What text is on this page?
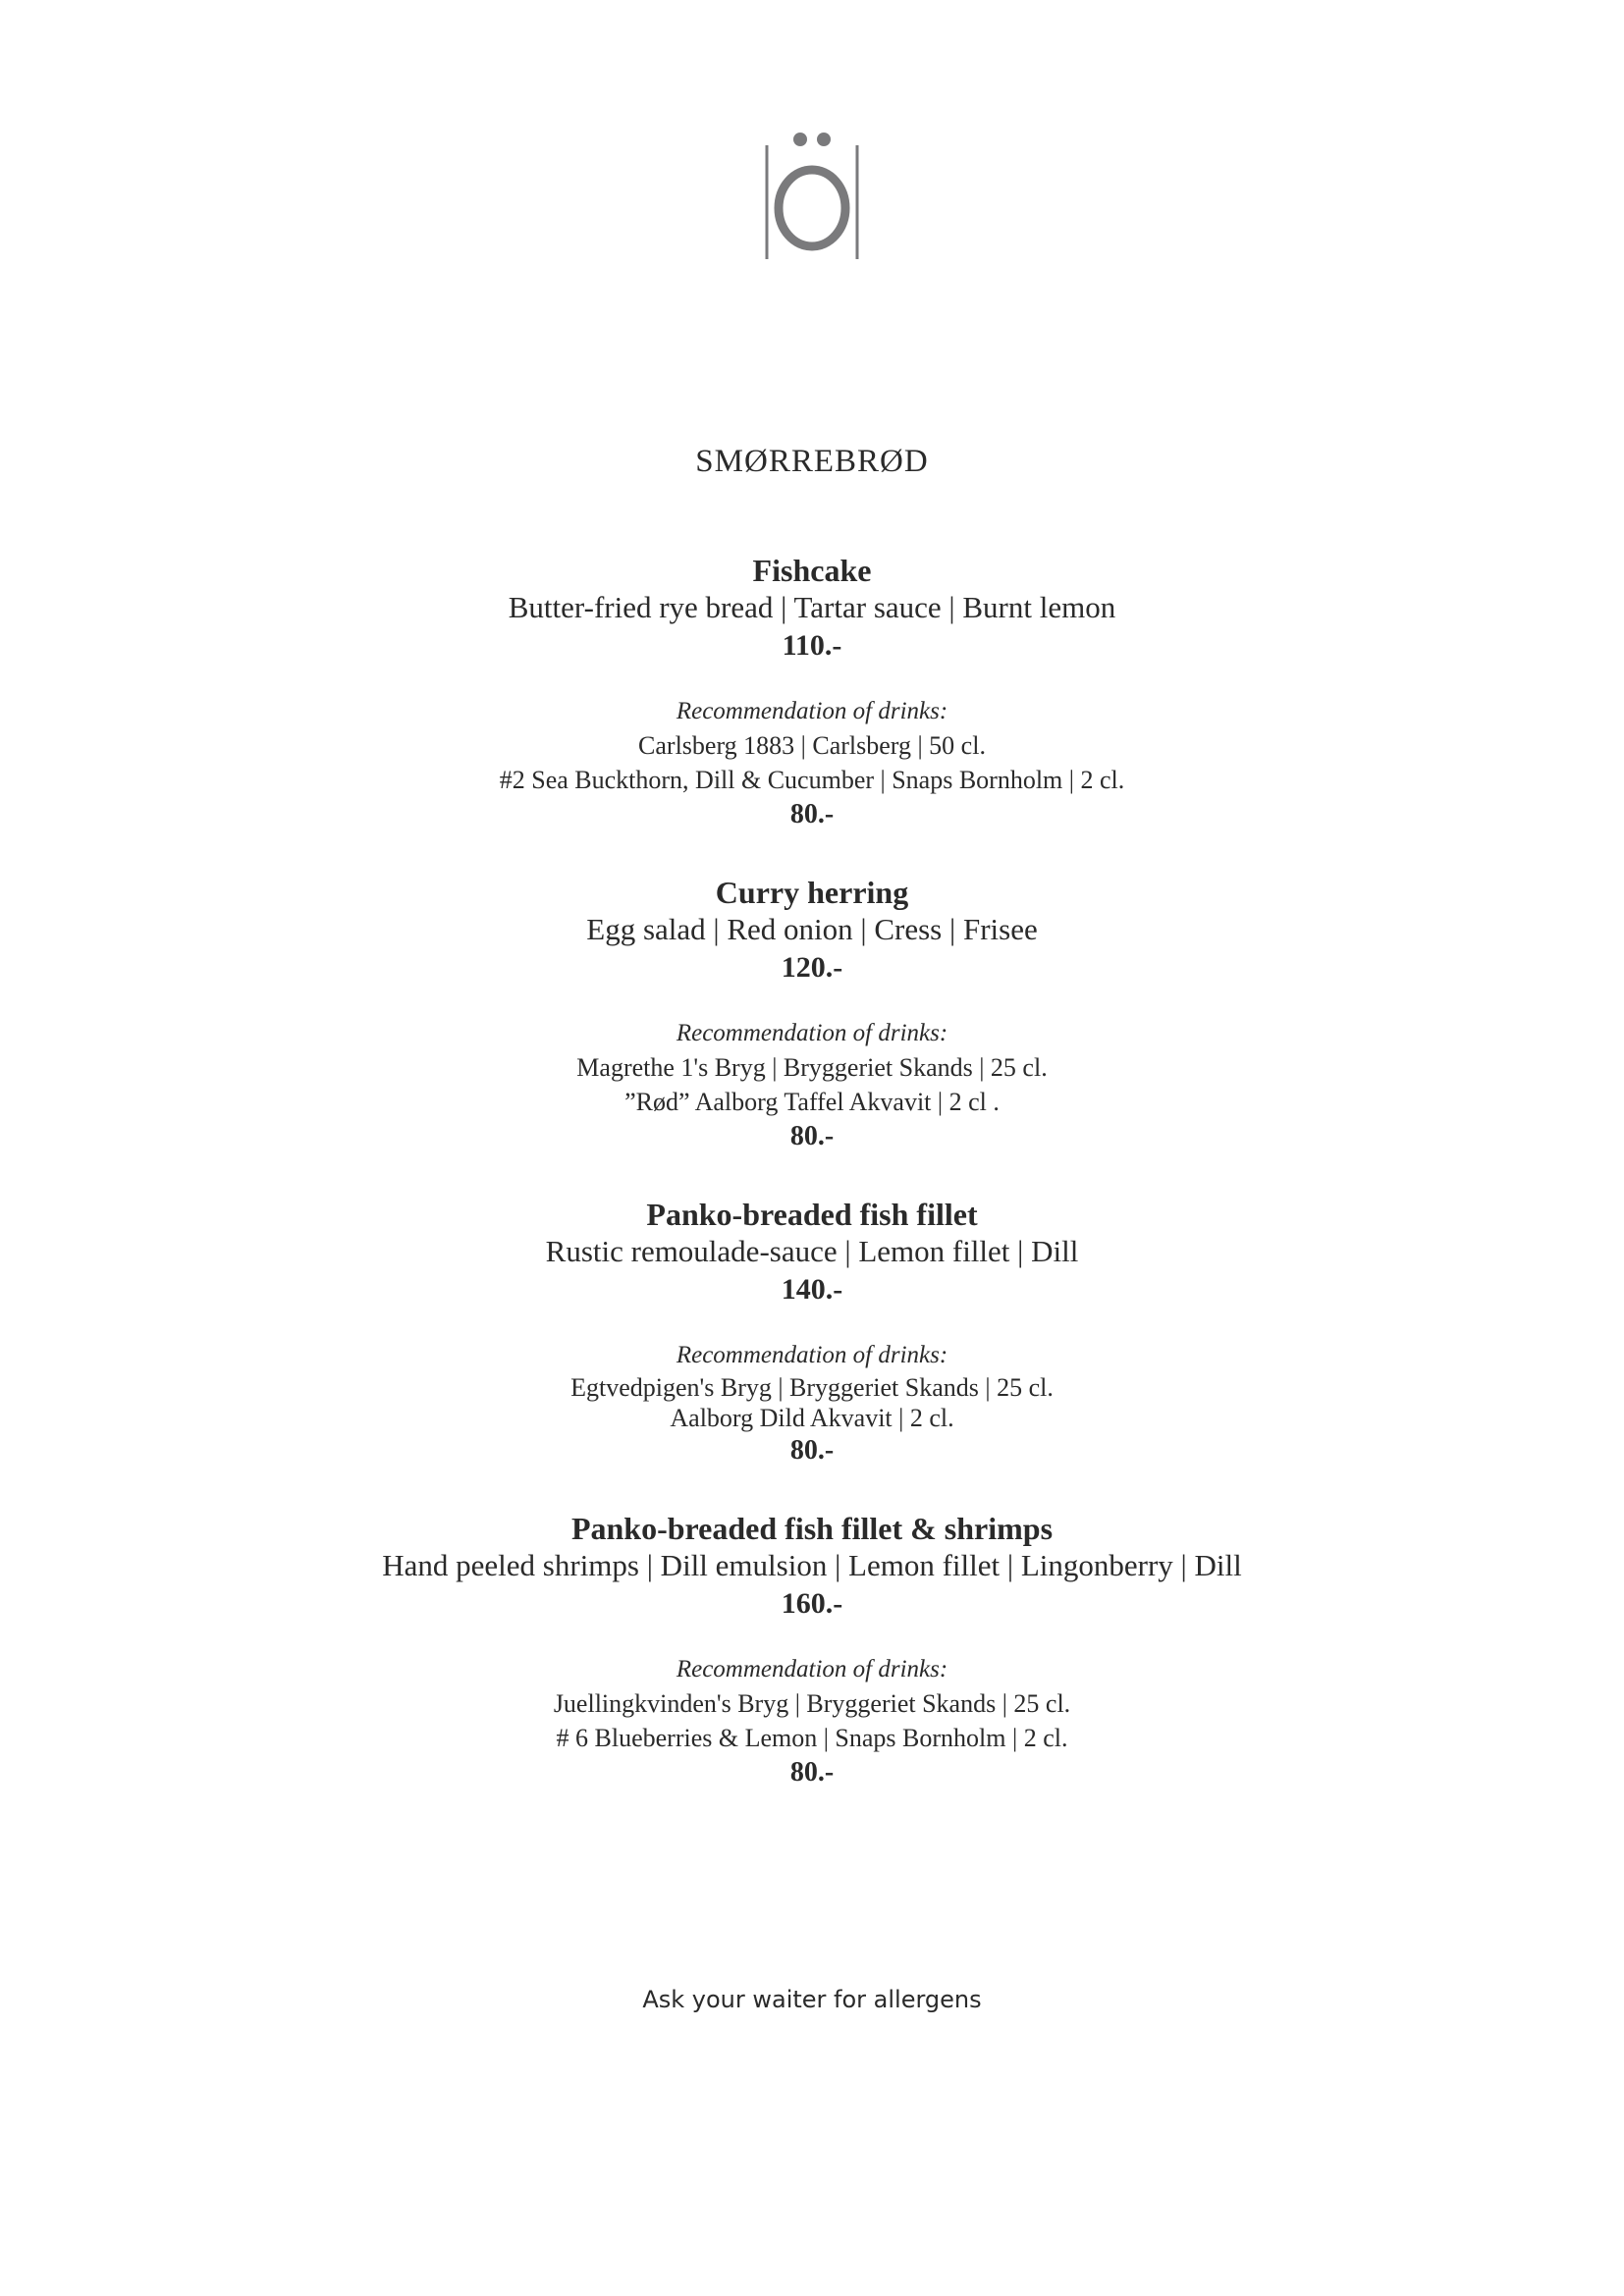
SMØRREBRØD
Fishcake
Butter-fried rye bread | Tartar sauce | Burnt lemon
110.-
Recommendation of drinks:
Carlsberg 1883 | Carlsberg | 50 cl.
#2 Sea Buckthorn, Dill & Cucumber | Snaps Bornholm | 2 cl.
80.-
Curry herring
Egg salad | Red onion | Cress | Frisee
120.-
Recommendation of drinks:
Magrethe 1's Bryg | Bryggeriet Skands | 25 cl.
”Rød” Aalborg Taffel Akvavit | 2 cl .
80.-
Panko-breaded fish fillet
Rustic remoulade-sauce | Lemon fillet | Dill
140.-
Recommendation of drinks:
Egtvedpigen's Bryg | Bryggeriet Skands | 25 cl.
Aalborg Dild Akvavit | 2 cl.
80.-
Panko-breaded fish fillet & shrimps
Hand peeled shrimps | Dill emulsion | Lemon fillet | Lingonberry | Dill
160.-
Recommendation of drinks:
Juellingkvinden's Bryg | Bryggeriet Skands | 25 cl.
# 6 Blueberries & Lemon | Snaps Bornholm | 2 cl.
80.-
Ask your waiter for allergens
